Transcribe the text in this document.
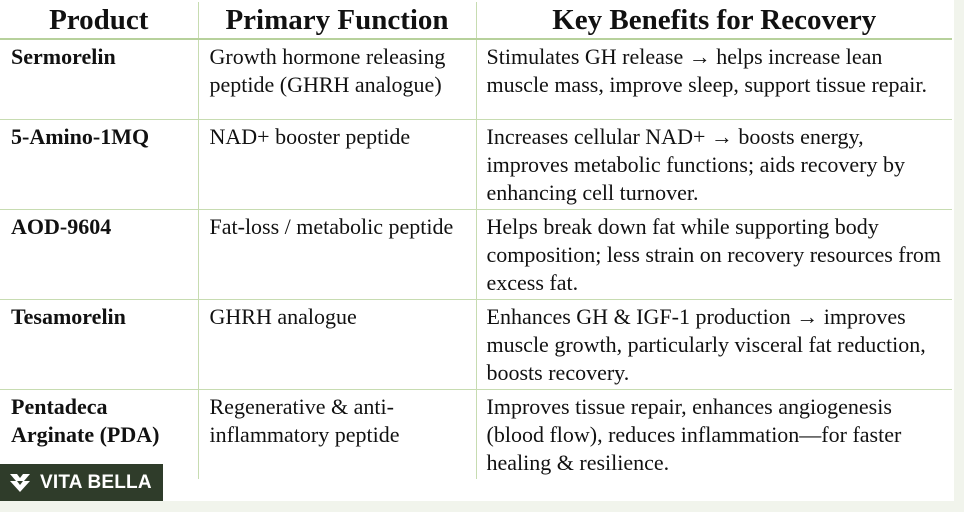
Product	Primary Function	Key Benefits for Recovery
Sermorelin	Growth hormone releasing peptide (GHRH analogue)	Stimulates GH release → helps increase lean muscle mass, improve sleep, support tissue repair.
5-Amino-1MQ	NAD+ booster peptide	Increases cellular NAD+ → boosts energy, improves metabolic functions; aids recovery by enhancing cell turnover.
AOD-9604	Fat-loss / metabolic peptide	Helps break down fat while supporting body composition; less strain on recovery resources from excess fat.
Tesamorelin	GHRH analogue	Enhances GH & IGF-1 production → improves muscle growth, particularly visceral fat reduction, boosts recovery.
Pentadeca Arginate (PDA)	Regenerative & anti-inflammatory peptide	Improves tissue repair, enhances angiogenesis (blood flow), reduces inflammation—for faster healing & resilience.
VITA BELLA
